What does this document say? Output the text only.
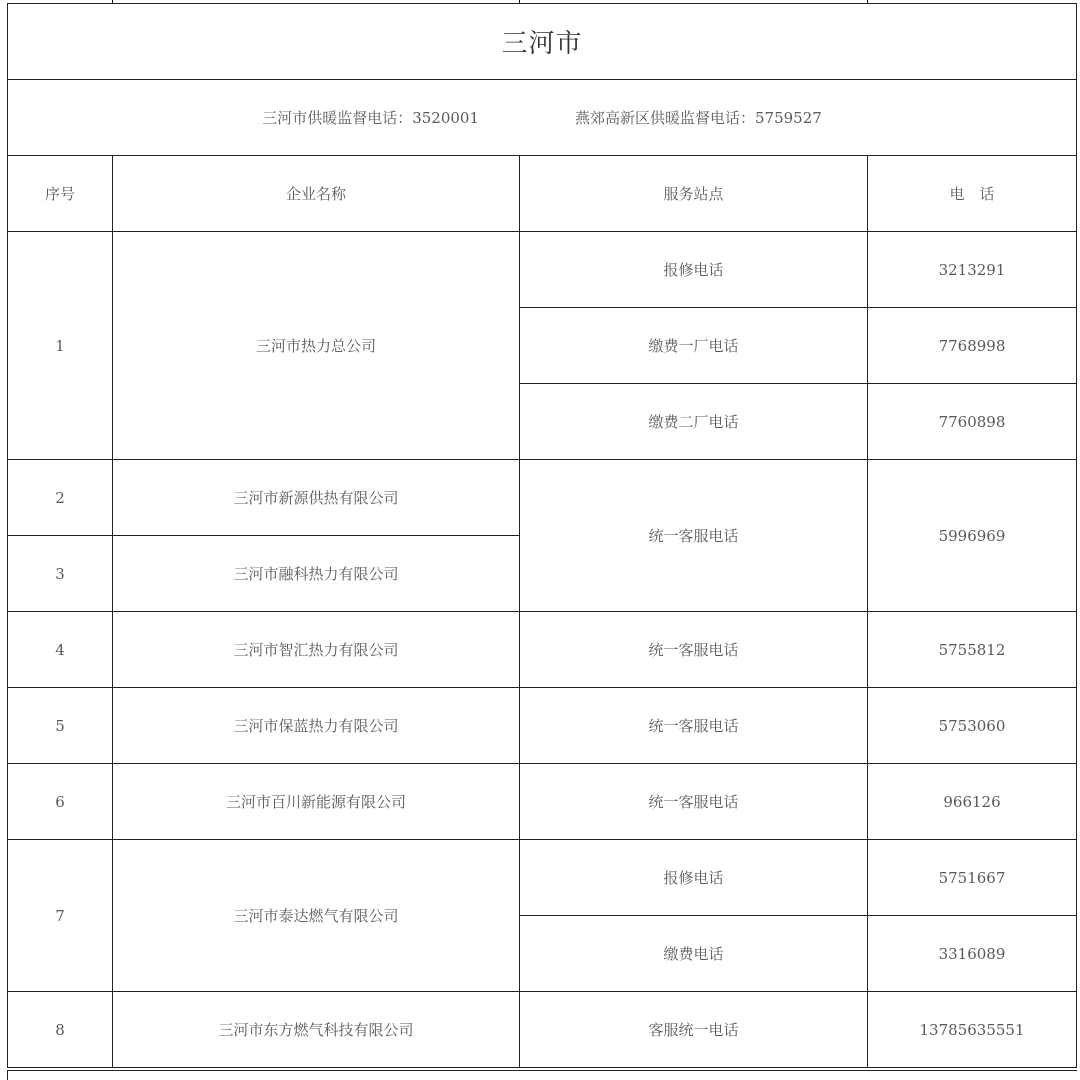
三河市			
三河市供暖监督电话：3520001 燕郊高新区供暖监督电话：5759527			
序号	企业名称	服务站点	电　话
1	三河市热力总公司	报修电话	3213291
		缴费一厂电话	7768998
		缴费二厂电话	7760898
2	三河市新源供热有限公司	统一客服电话	5996969
3	三河市融科热力有限公司		
4	三河市智汇热力有限公司	统一客服电话	5755812
5	三河市保蓝热力有限公司	统一客服电话	5753060
6	三河市百川新能源有限公司	统一客服电话	966126
7	三河市泰达燃气有限公司	报修电话	5751667
		缴费电话	3316089
8	三河市东方燃气科技有限公司	客服统一电话	13785635551
